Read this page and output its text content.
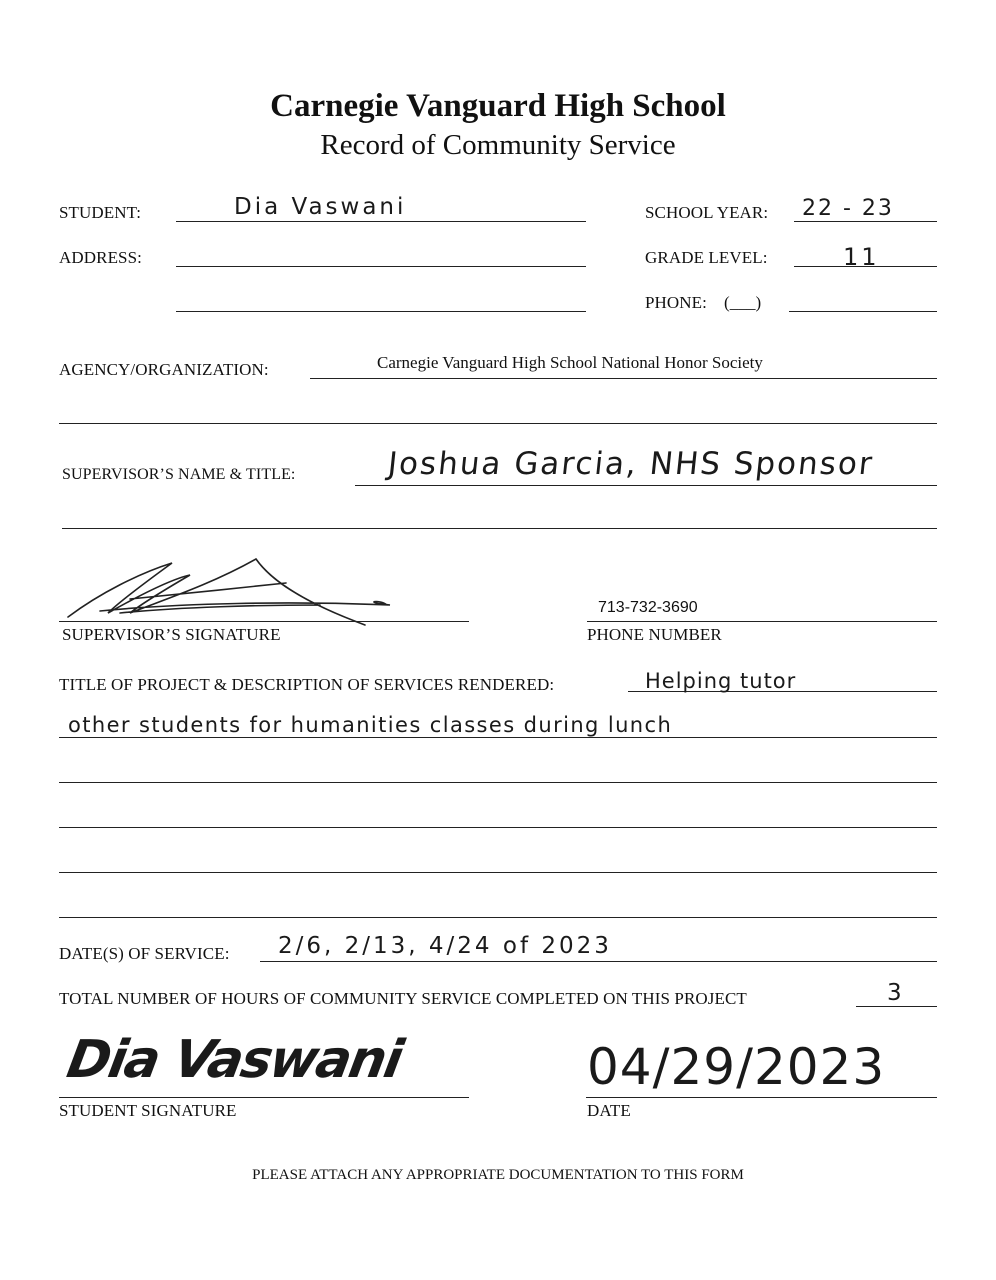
Carnegie Vanguard High School
Record of Community Service
STUDENT:	Dia Vaswani	SCHOOL YEAR: 22 - 23
ADDRESS:	GRADE LEVEL:	11
PHONE: (___)
AGENCY/ORGANIZATION:	Carnegie Vanguard High School National Honor Society
SUPERVISOR’S NAME & TITLE:	Joshua Garcia, NHS Sponsor
SUPERVISOR’S SIGNATURE
713-732-3690
PHONE NUMBER
TITLE OF PROJECT & DESCRIPTION OF SERVICES RENDERED:	Helping tutor
other students for humanities classes during lunch
DATE(S) OF SERVICE: 2/6, 2/13, 4/24 of 2023
TOTAL NUMBER OF HOURS OF COMMUNITY SERVICE COMPLETED ON THIS PROJECT	3
Dia Vaswani
STUDENT SIGNATURE
04/29/2023
DATE
PLEASE ATTACH ANY APPROPRIATE DOCUMENTATION TO THIS FORM
